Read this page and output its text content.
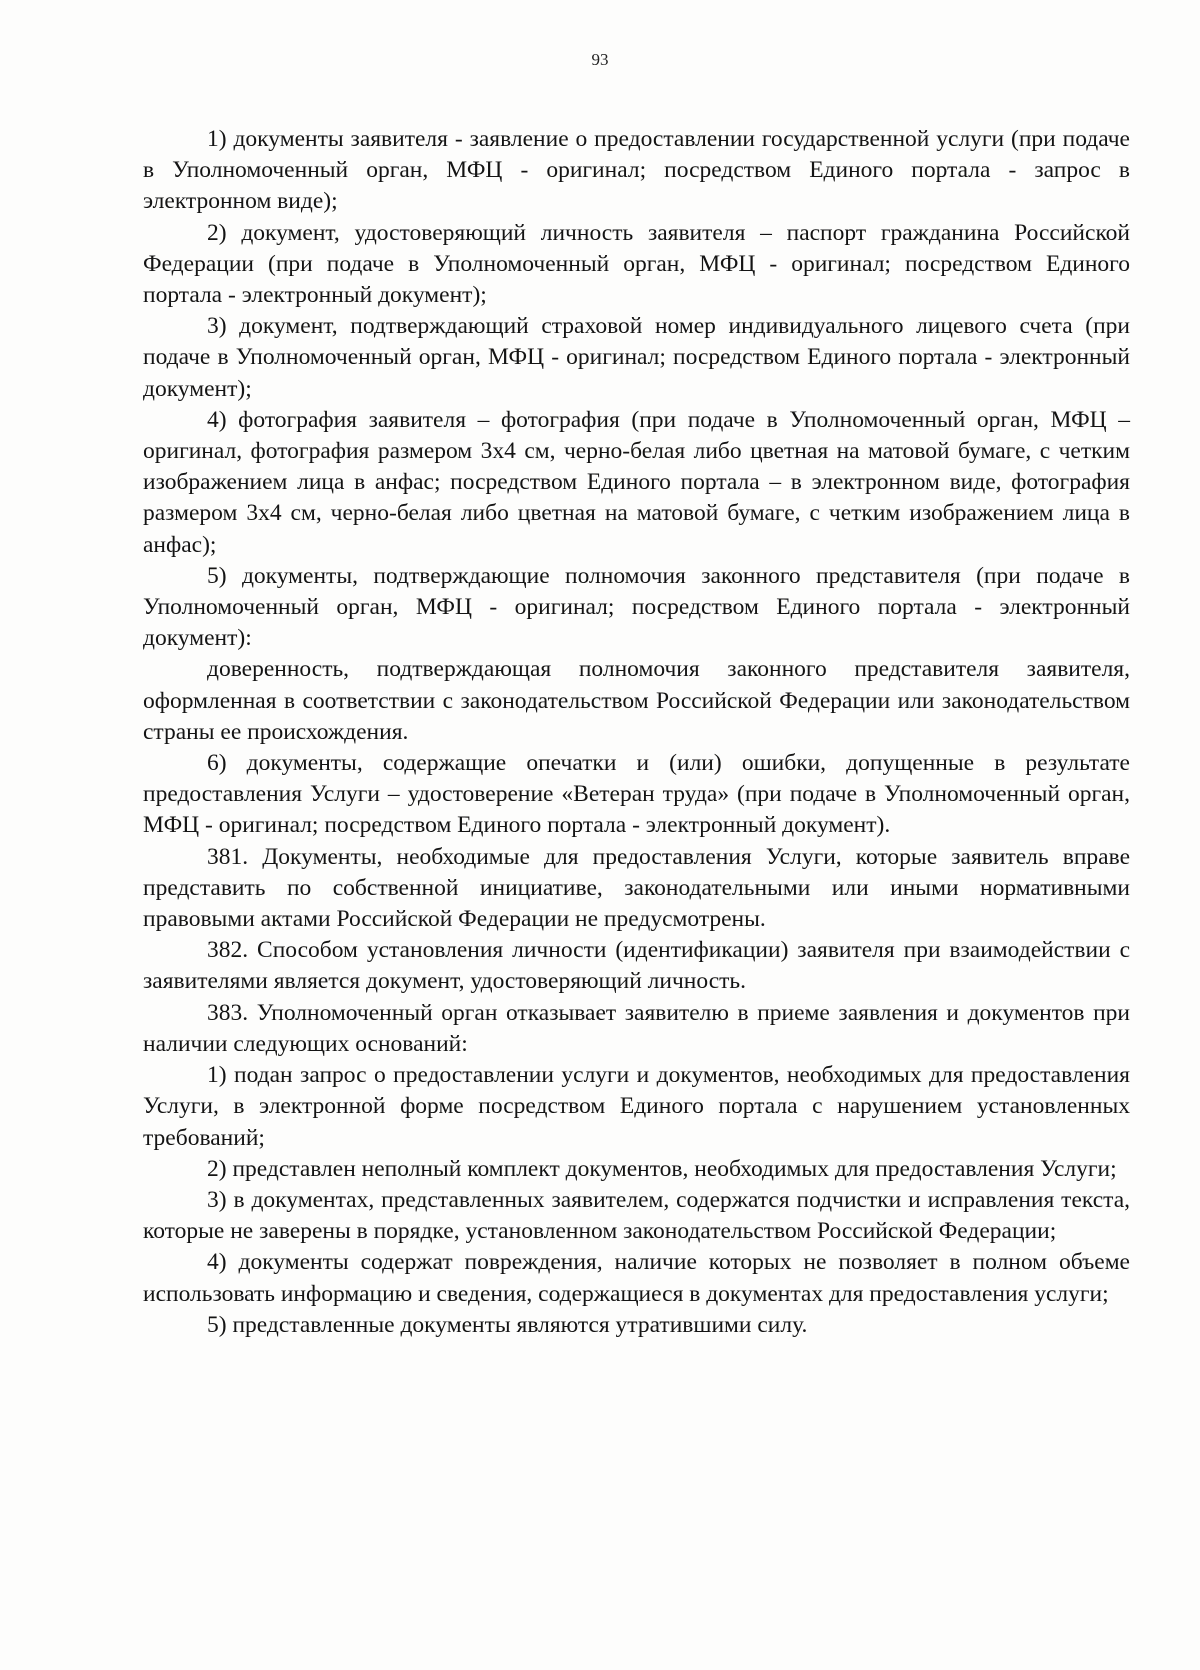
93

1) документы заявителя - заявление о предоставлении государственной услуги (при подаче в Уполномоченный орган, МФЦ - оригинал; посредством Единого портала - запрос в электронном виде);

2) документ, удостоверяющий личность заявителя – паспорт гражданина Российской Федерации (при подаче в Уполномоченный орган, МФЦ - оригинал; посредством Единого портала - электронный документ);

3) документ, подтверждающий страховой номер индивидуального лицевого счета (при подаче в Уполномоченный орган, МФЦ - оригинал; посредством Единого портала - электронный документ);

4) фотография заявителя – фотография (при подаче в Уполномоченный орган, МФЦ – оригинал, фотография размером 3x4 см, черно-белая либо цветная на матовой бумаге, с четким изображением лица в анфас; посредством Единого портала – в электронном виде, фотография размером 3x4 см, черно-белая либо цветная на матовой бумаге, с четким изображением лица в анфас);

5) документы, подтверждающие полномочия законного представителя (при подаче в Уполномоченный орган, МФЦ - оригинал; посредством Единого портала - электронный документ):

доверенность, подтверждающая полномочия законного представителя заявителя, оформленная в соответствии с законодательством Российской Федерации или законодательством страны ее происхождения.

6) документы, содержащие опечатки и (или) ошибки, допущенные в результате предоставления Услуги – удостоверение «Ветеран труда» (при подаче в Уполномоченный орган, МФЦ - оригинал; посредством Единого портала - электронный документ).

381. Документы, необходимые для предоставления Услуги, которые заявитель вправе представить по собственной инициативе, законодательными или иными нормативными правовыми актами Российской Федерации не предусмотрены.

382. Способом установления личности (идентификации) заявителя при взаимодействии с заявителями является документ, удостоверяющий личность.

383. Уполномоченный орган отказывает заявителю в приеме заявления и документов при наличии следующих оснований:

1) подан запрос о предоставлении услуги и документов, необходимых для предоставления Услуги, в электронной форме посредством Единого портала с нарушением установленных требований;

2) представлен неполный комплект документов, необходимых для предоставления Услуги;

3) в документах, представленных заявителем, содержатся подчистки и исправления текста, которые не заверены в порядке, установленном законодательством Российской Федерации;

4) документы содержат повреждения, наличие которых не позволяет в полном объеме использовать информацию и сведения, содержащиеся в документах для предоставления услуги;

5) представленные документы являются утратившими силу.
